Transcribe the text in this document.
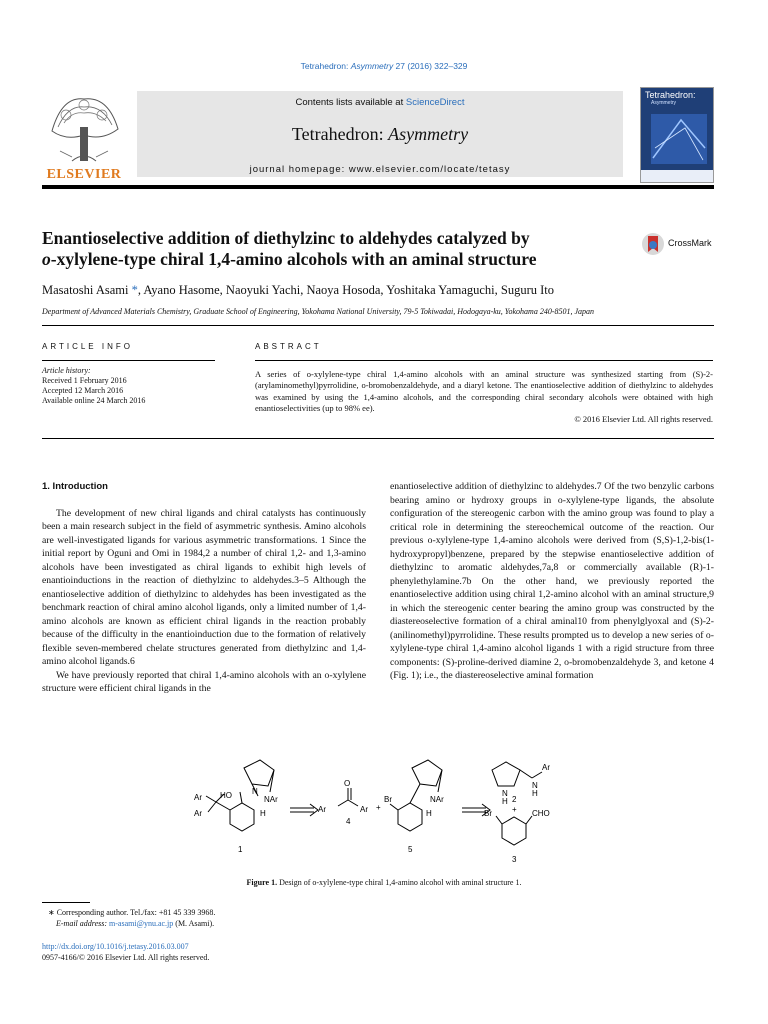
Tetrahedron: Asymmetry 27 (2016) 322–329
ELSEVIER
Contents lists available at ScienceDirect
Tetrahedron: Asymmetry
journal homepage: www.elsevier.com/locate/tetasy
Tetrahedron:
Asymmetry
Enantioselective addition of diethylzinc to aldehydes catalyzed by
o-xylylene-type chiral 1,4-amino alcohols with an aminal structure
CrossMark
Masatoshi Asami *, Ayano Hasome, Naoyuki Yachi, Naoya Hosoda, Yoshitaka Yamaguchi, Suguru Ito
Department of Advanced Materials Chemistry, Graduate School of Engineering, Yokohama National University, 79-5 Tokiwadai, Hodogaya-ku, Yokohama 240-8501, Japan
ARTICLE INFO
Article history:
Received 1 February 2016
Accepted 12 March 2016
Available online 24 March 2016
ABSTRACT
A series of o-xylylene-type chiral 1,4-amino alcohols with an aminal structure was synthesized starting from (S)-2-(arylaminomethyl)pyrrolidine, o-bromobenzaldehyde, and a diaryl ketone. The enantioselective addition of diethylzinc to aldehydes was examined by using the 1,4-amino alcohols, and the corresponding chiral secondary alcohols were obtained with high enantioselectivities (up to 98% ee).
© 2016 Elsevier Ltd. All rights reserved.
1. Introduction

The development of new chiral ligands and chiral catalysts has continuously been a main research subject in the field of asymmetric synthesis. Amino alcohols are well-investigated ligands for various asymmetric transformations. 1 Since the initial report by Oguni and Omi in 1984,2 a number of chiral 1,2- and 1,3-amino alcohols have been investigated as chiral ligands to exhibit high levels of enantioinductions in the reaction of diethylzinc to aldehydes.3–5 Although the enantioselective addition of diethylzinc to aldehydes has been investigated as the benchmark reaction of chiral amino alcohol ligands, only a limited number of 1,4-amino alcohols are known as efficient chiral ligands in the reaction probably because of the difficulty in the enantioinduction due to the formation of relatively flexible seven-membered chelate structures generated from diethylzinc and 1,4-amino alcohol ligands.6

We have previously reported that chiral 1,4-amino alcohols with an o-xylylene structure were efficient chiral ligands in the

enantioselective addition of diethylzinc to aldehydes.7 Of the two benzylic carbons bearing amino or hydroxy groups in o-xylylene-type ligands, the absolute configuration of the stereogenic carbon with the amino group was found to play a critical role in determining the stereochemical outcome of the reaction. Our previous o-xylylene-type 1,4-amino alcohols were derived from (S,S)-1,2-bis(1-hydroxypropyl)benzene, prepared by the stepwise enantioselective addition of diethylzinc to aromatic aldehydes,7a,8 or commercially available (R)-1-phenylethylamine.7b On the other hand, we previously reported the enantioselective addition using chiral 1,2-amino alcohol with an aminal structure,9 in which the stereogenic center bearing the amino group was constructed by the diastereoselective formation of a chiral aminal10 from phenylglyoxal and (S)-2-(anilinomethyl)pyrrolidine. These results prompted us to develop a new series of o-xylylene-type chiral 1,4-amino alcohol ligands 1 with a rigid structure from three components: (S)-proline-derived diamine 2, o-bromobenzaldehyde 3, and ketone 4 (Fig. 1); i.e., the diastereoselective aminal formation

HO
Ar
Ar
N
NAr
H
1
O
Ar	Ar
4
+
Br	NAr
H
5
N
H
Ar
N
H
2
+
Br	CHO
3
Figure 1. Design of o-xylylene-type chiral 1,4-amino alcohol with aminal structure 1.
∗ Corresponding author. Tel./fax: +81 45 339 3968.
E-mail address: m-asami@ynu.ac.jp (M. Asami).
http://dx.doi.org/10.1016/j.tetasy.2016.03.007
0957-4166/© 2016 Elsevier Ltd. All rights reserved.
